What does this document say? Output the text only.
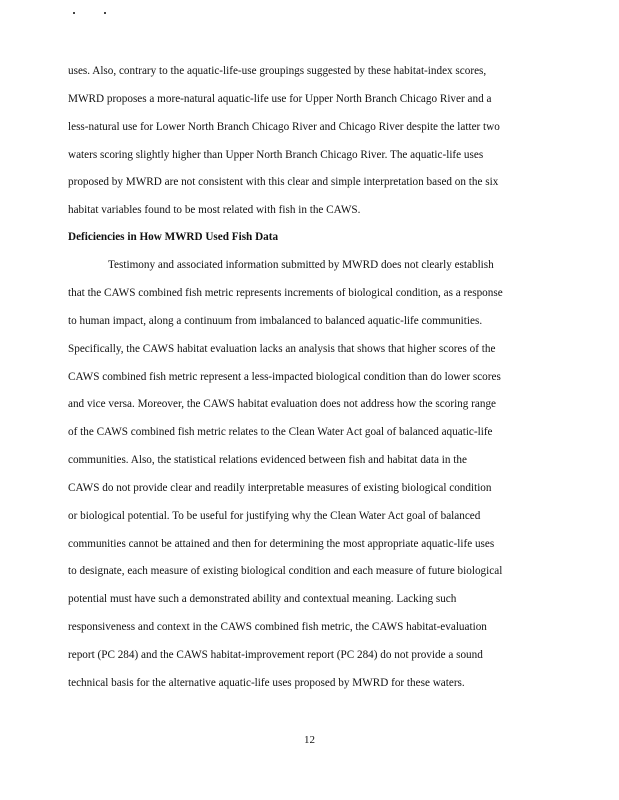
uses. Also, contrary to the aquatic-life-use groupings suggested by these habitat-index scores,
MWRD proposes a more-natural aquatic-life use for Upper North Branch Chicago River and a
less-natural use for Lower North Branch Chicago River and Chicago River despite the latter two
waters scoring slightly higher than Upper North Branch Chicago River. The aquatic-life uses
proposed by MWRD are not consistent with this clear and simple interpretation based on the six
habitat variables found to be most related with fish in the CAWS.
Deficiencies in How MWRD Used Fish Data
Testimony and associated information submitted by MWRD does not clearly establish
that the CAWS combined fish metric represents increments of biological condition, as a response
to human impact, along a continuum from imbalanced to balanced aquatic-life communities.
Specifically, the CAWS habitat evaluation lacks an analysis that shows that higher scores of the
CAWS combined fish metric represent a less-impacted biological condition than do lower scores
and vice versa. Moreover, the CAWS habitat evaluation does not address how the scoring range
of the CAWS combined fish metric relates to the Clean Water Act goal of balanced aquatic-life
communities. Also, the statistical relations evidenced between fish and habitat data in the
CAWS do not provide clear and readily interpretable measures of existing biological condition
or biological potential. To be useful for justifying why the Clean Water Act goal of balanced
communities cannot be attained and then for determining the most appropriate aquatic-life uses
to designate, each measure of existing biological condition and each measure of future biological
potential must have such a demonstrated ability and contextual meaning. Lacking such
responsiveness and context in the CAWS combined fish metric, the CAWS habitat-evaluation
report (PC 284) and the CAWS habitat-improvement report (PC 284) do not provide a sound
technical basis for the alternative aquatic-life uses proposed by MWRD for these waters.
12
